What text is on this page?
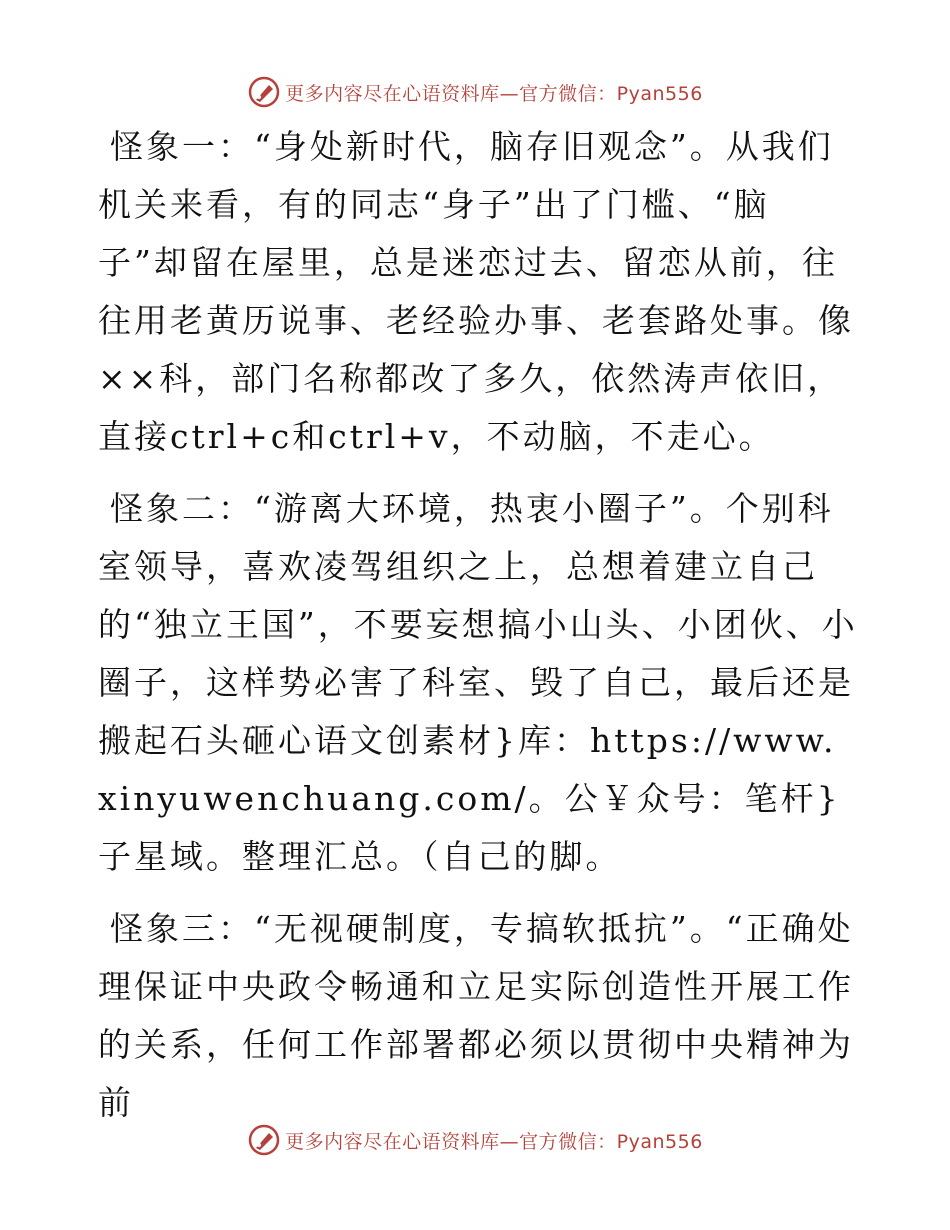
更多内容尽在心语资料库—官方微信：Pyan556

怪象一：“身处新时代，脑存旧观念”。从我们机关来看，有的同志“身子”出了门槛、“脑子”却留在屋里，总是迷恋过去、留恋从前，往往用老黄历说事、老经验办事、老套路处事。像××科，部门名称都改了多久，依然涛声依旧，直接ctrl+c和ctrl+v，不动脑，不走心。

怪象二：“游离大环境，热衷小圈子”。个别科室领导，喜欢凌驾组织之上，总想着建立自己的“独立王国”，不要妄想搞小山头、小团伙、小圈子，这样势必害了科室、毁了自己，最后还是搬起石头砸心语文创素材}库：https://www.xinyuwenchuang.com/。公￥众号：笔杆}子星域。整理汇总。（自己的脚。

怪象三：“无视硬制度，专搞软抵抗”。“正确处理保证中央政令畅通和立足实际创造性开展工作的关系，任何工作部署都必须以贯彻中央精神为前

更多内容尽在心语资料库—官方微信：Pyan556
